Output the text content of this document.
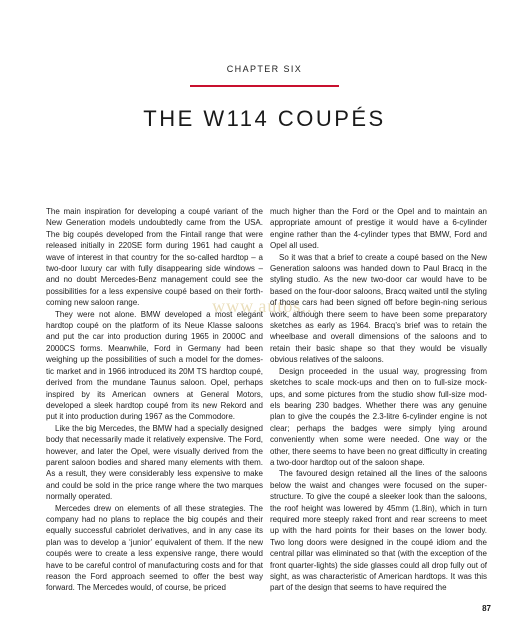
CHAPTER SIX
THE W114 COUPÉS
www.autos...

The main inspiration for developing a coupé variant of the New Generation models undoubtedly came from the USA. The big coupés developed from the Fintail range that were released initially in 220SE form during 1961 had caught a wave of interest in that country for the so-called hardtop – a two-door luxury car with fully disappearing side windows – and no doubt Mercedes-Benz management could see the possibilities for a less expensive coupé based on their forth-coming new saloon range.

They were not alone. BMW developed a most elegant hardtop coupé on the platform of its Neue Klasse saloons and put the car into production during 1965 in 2000C and 2000CS forms. Meanwhile, Ford in Germany had been weighing up the possibilities of such a model for the domes-tic market and in 1966 introduced its 20M TS hardtop coupé, derived from the mundane Taunus saloon. Opel, perhaps inspired by its American owners at General Motors, developed a sleek hardtop coupé from its new Rekord and put it into production during 1967 as the Commodore.

Like the big Mercedes, the BMW had a specially designed body that necessarily made it relatively expensive. The Ford, however, and later the Opel, were visually derived from the parent saloon bodies and shared many elements with them. As a result, they were considerably less expensive to make and could be sold in the price range where the two marques normally operated.

Mercedes drew on elements of all these strategies. The company had no plans to replace the big coupés and their equally successful cabriolet derivatives, and in any case its plan was to develop a ‘junior’ equivalent of them. If the new coupés were to create a less expensive range, there would have to be careful control of manufacturing costs and for that reason the Ford approach seemed to offer the best way forward. The Mercedes would, of course, be priced

much higher than the Ford or the Opel and to maintain an appropriate amount of prestige it would have a 6-cylinder engine rather than the 4-cylinder types that BMW, Ford and Opel all used.

So it was that a brief to create a coupé based on the New Generation saloons was handed down to Paul Bracq in the styling studio. As the new two-door car would have to be based on the four-door saloons, Bracq waited until the styling of those cars had been signed off before begin-ning serious work, although there seem to have been some preparatory sketches as early as 1964. Bracq’s brief was to retain the wheelbase and overall dimensions of the saloons and to retain their basic shape so that they would be visually obvious relatives of the saloons.

Design proceeded in the usual way, progressing from sketches to scale mock-ups and then on to full-size mock-ups, and some pictures from the studio show full-size mod-els bearing 230 badges. Whether there was any genuine plan to give the coupés the 2.3-litre 6-cylinder engine is not clear; perhaps the badges were simply lying around conveniently when some were needed. One way or the other, there seems to have been no great difficulty in creating a two-door hardtop out of the saloon shape.

The favoured design retained all the lines of the saloons below the waist and changes were focused on the super-structure. To give the coupé a sleeker look than the saloons, the roof height was lowered by 45mm (1.8in), which in turn required more steeply raked front and rear screens to meet up with the hard points for their bases on the lower body. Two long doors were designed in the coupé idiom and the central pillar was eliminated so that (with the exception of the front quarter-lights) the side glasses could all drop fully out of sight, as was characteristic of American hardtops. It was this part of the design that seems to have required the

87
